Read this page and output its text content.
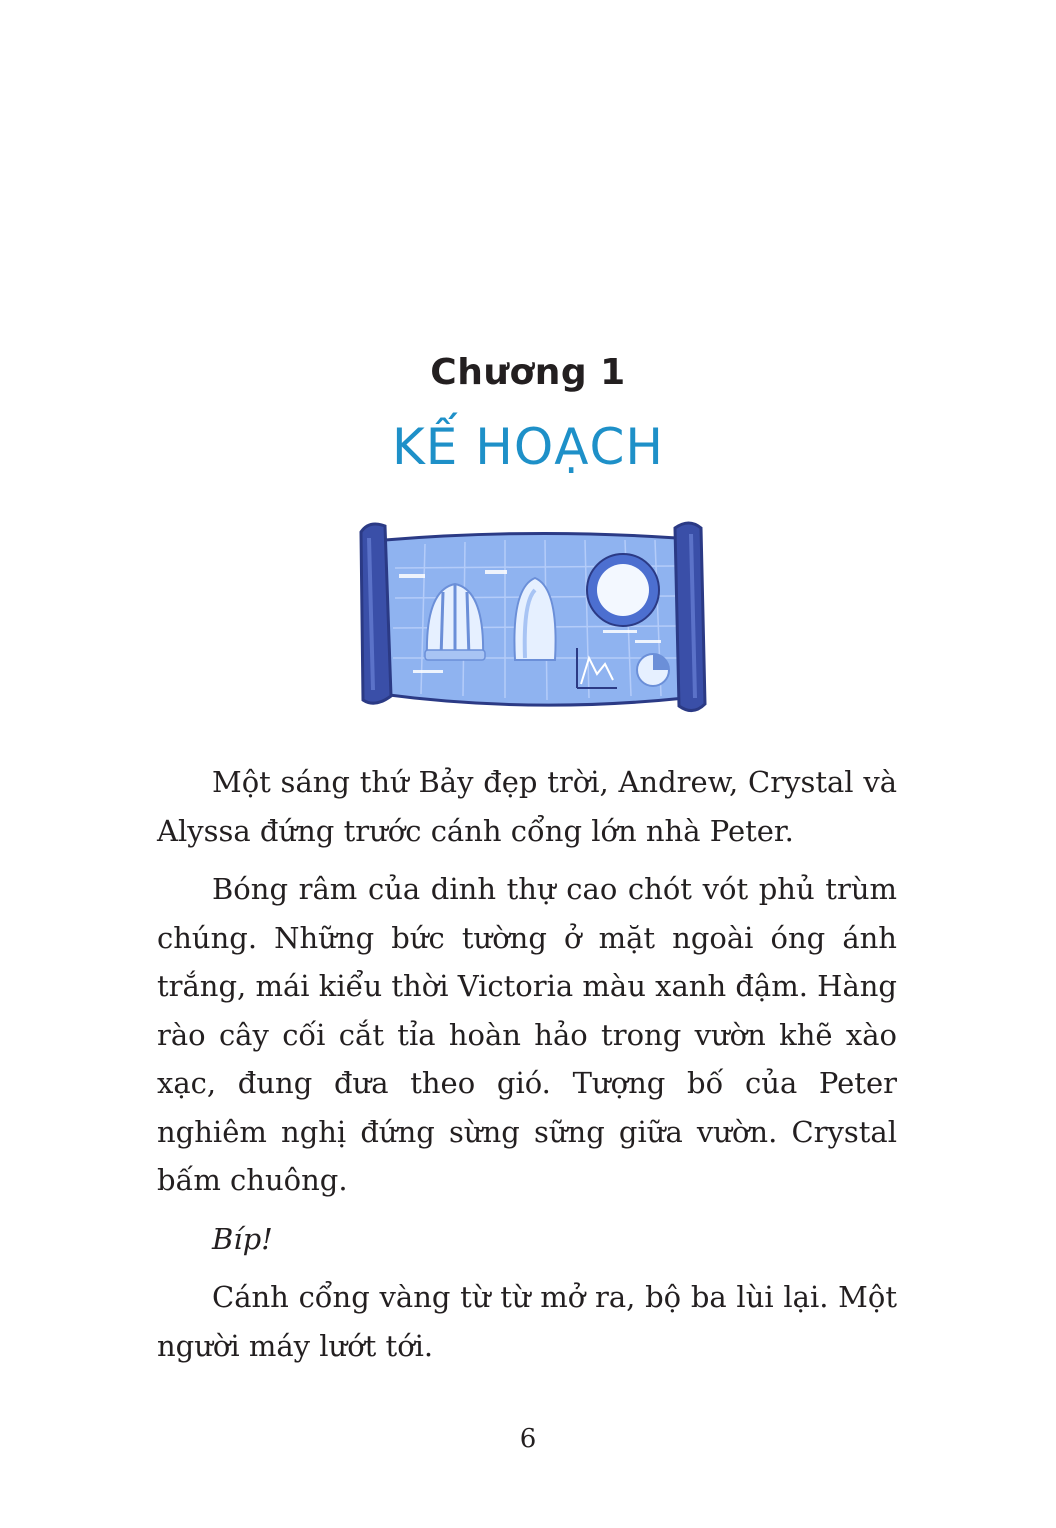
Chương 1
KẾ HOẠCH

Một sáng thứ Bảy đẹp trời, Andrew, Crystal và Alyssa đứng trước cánh cổng lớn nhà Peter.

Bóng râm của dinh thự cao chót vót phủ trùm chúng. Những bức tường ở mặt ngoài óng ánh trắng, mái kiểu thời Victoria màu xanh đậm. Hàng rào cây cối cắt tỉa hoàn hảo trong vườn khẽ xào xạc, đung đưa theo gió. Tượng bố của Peter nghiêm nghị đứng sừng sững giữa vườn. Crystal bấm chuông.

Bíp!

Cánh cổng vàng từ từ mở ra, bộ ba lùi lại. Một người máy lướt tới.

6
